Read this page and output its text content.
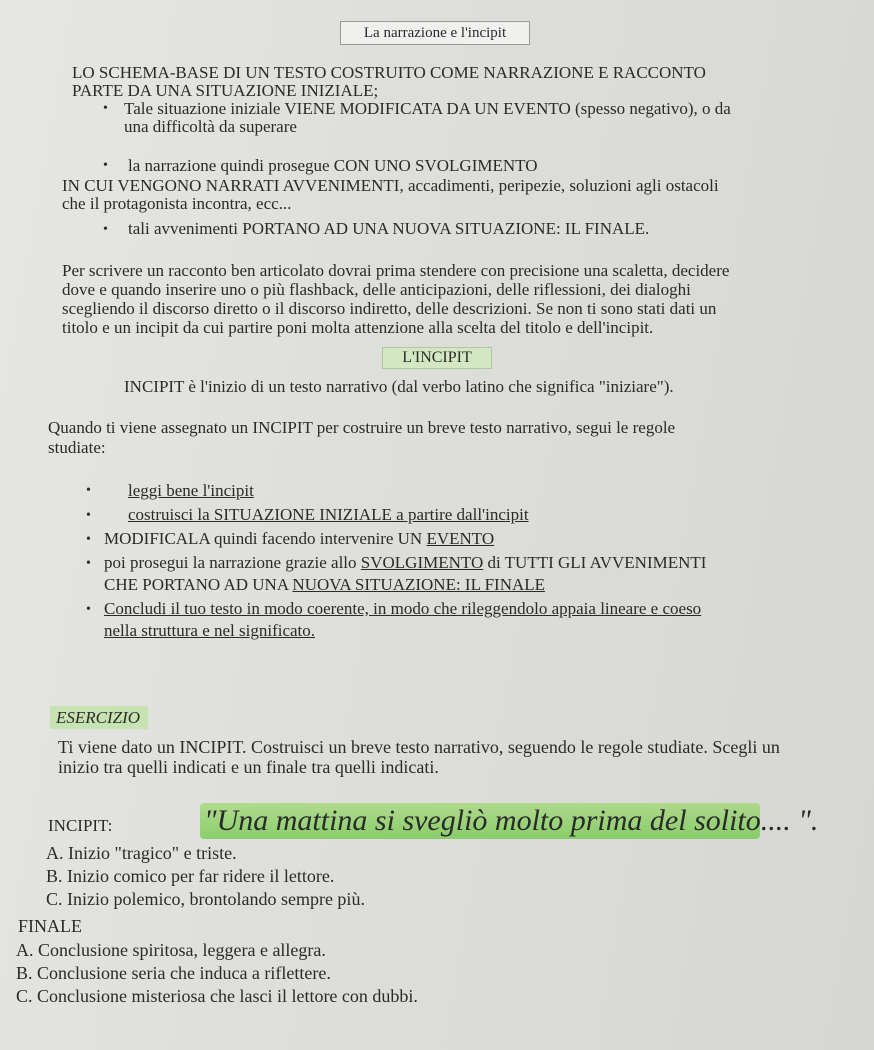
La narrazione e l'incipit
LO SCHEMA-BASE DI UN TESTO COSTRUITO COME NARRAZIONE E RACCONTO
PARTE DA UNA SITUAZIONE INIZIALE;
• Tale situazione iniziale VIENE MODIFICATA DA UN EVENTO (spesso negativo), o da
una difficoltà da superare
• la narrazione quindi prosegue CON UNO SVOLGIMENTO
IN CUI VENGONO NARRATI AVVENIMENTI, accadimenti, peripezie, soluzioni agli ostacoli
che il protagonista incontra, ecc...
• tali avvenimenti PORTANO AD UNA NUOVA SITUAZIONE: IL FINALE.
Per scrivere un racconto ben articolato dovrai prima stendere con precisione una scaletta, decidere
dove e quando inserire uno o più flashback, delle anticipazioni, delle riflessioni, dei dialoghi
scegliendo il discorso diretto o il discorso indiretto, delle descrizioni. Se non ti sono stati dati un
titolo e un incipit da cui partire poni molta attenzione alla scelta del titolo e dell'incipit.
L'INCIPIT
INCIPIT è l'inizio di un testo narrativo (dal verbo latino che significa "iniziare").
Quando ti viene assegnato un INCIPIT per costruire un breve testo narrativo, segui le regole
studiate:
• leggi bene l'incipit
• costruisci la SITUAZIONE INIZIALE a partire dall'incipit
• MODIFICALA quindi facendo intervenire UN EVENTO
• poi prosegui la narrazione grazie allo SVOLGIMENTO di TUTTI GLI AVVENIMENTI
CHE PORTANO AD UNA NUOVA SITUAZIONE: IL FINALE
• Concludi il tuo testo in modo coerente, in modo che rileggendolo appaia lineare e coeso
nella struttura e nel significato.
ESERCIZIO
Ti viene dato un INCIPIT. Costruisci un breve testo narrativo, seguendo le regole studiate. Scegli un
inizio tra quelli indicati e un finale tra quelli indicati.
INCIPIT:	"Una mattina si svegliò molto prima del solito.... ".
A. Inizio "tragico" e triste.
B. Inizio comico per far ridere il lettore.
C. Inizio polemico, brontolando sempre più.
FINALE
A. Conclusione spiritosa, leggera e allegra.
B. Conclusione seria che induca a riflettere.
C. Conclusione misteriosa che lasci il lettore con dubbi.
